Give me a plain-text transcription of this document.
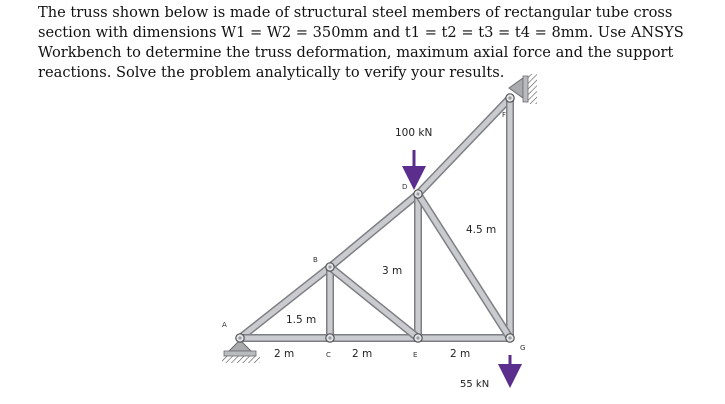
The truss shown below is made of structural steel members of rectangular tube cross
section with dimensions W1 = W2 = 350mm and t1 = t2 = t3 = t4 = 8mm. Use ANSYS
Workbench to determine the truss deformation, maximum axial force and the support
reactions. Solve the problem analytically to verify your results.
100 kN
55 kN
1.5 m
3 m
4.5 m
2 m	2 m	2 m
A
B
C
D
E
F
G
